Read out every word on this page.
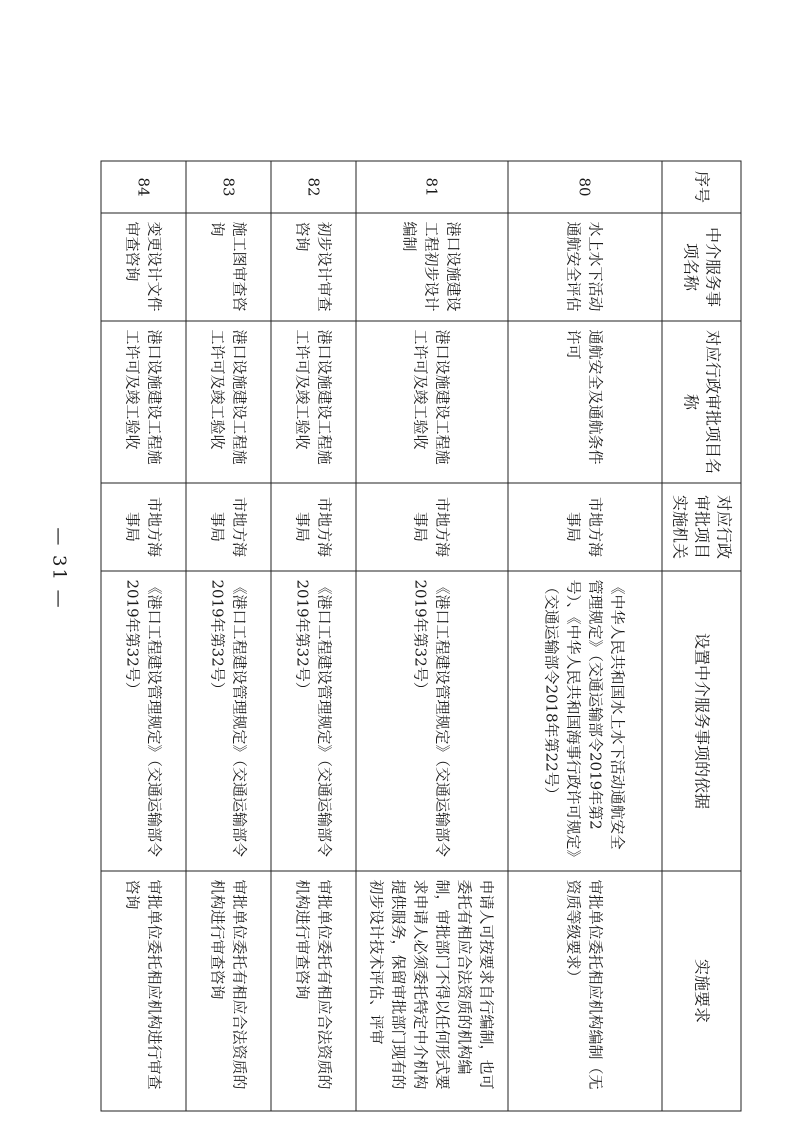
序号	中介服务事项名称	对应行政审批项目名称	对应行政审批项目实施机关	设置中介服务事项的依据	实施要求
80	水上水下活动通航安全评估	通航安全及通航条件许可	市地方海事局	《中华人民共和国水上水下活动通航安全管理规定》（交通运输部令2019年第2号）、《中华人民共和国海事行政许可规定》（交通运输部令2018年第22号）	审批单位委托相应机构编制（无资质等级要求）
81	港口设施建设工程初步设计编制	港口设施建设工程施工许可及竣工验收	市地方海事局	《港口工程建设管理规定》（交通运输部令2019年第32号）	申请人可按要求自行编制，也可委托有相应合法资质的机构编制，审批部门不得以任何形式要求申请人必须委托特定中介机构提供服务，保留审批部门现有的初步设计技术评估、评审
82	初步设计审查咨询	港口设施建设工程施工许可及竣工验收	市地方海事局	《港口工程建设管理规定》（交通运输部令2019年第32号）	审批单位委托有相应合法资质的机构进行审查咨询
83	施工图审查咨询	港口设施建设工程施工许可及竣工验收	市地方海事局	《港口工程建设管理规定》（交通运输部令2019年第32号）	审批单位委托有相应合法资质的机构进行审查咨询
84	变更设计文件审查咨询	港口设施建设工程施工许可及竣工验收	市地方海事局	《港口工程建设管理规定》（交通运输部令2019年第32号）	审批单位委托相应机构进行审查咨询
— 31 —
